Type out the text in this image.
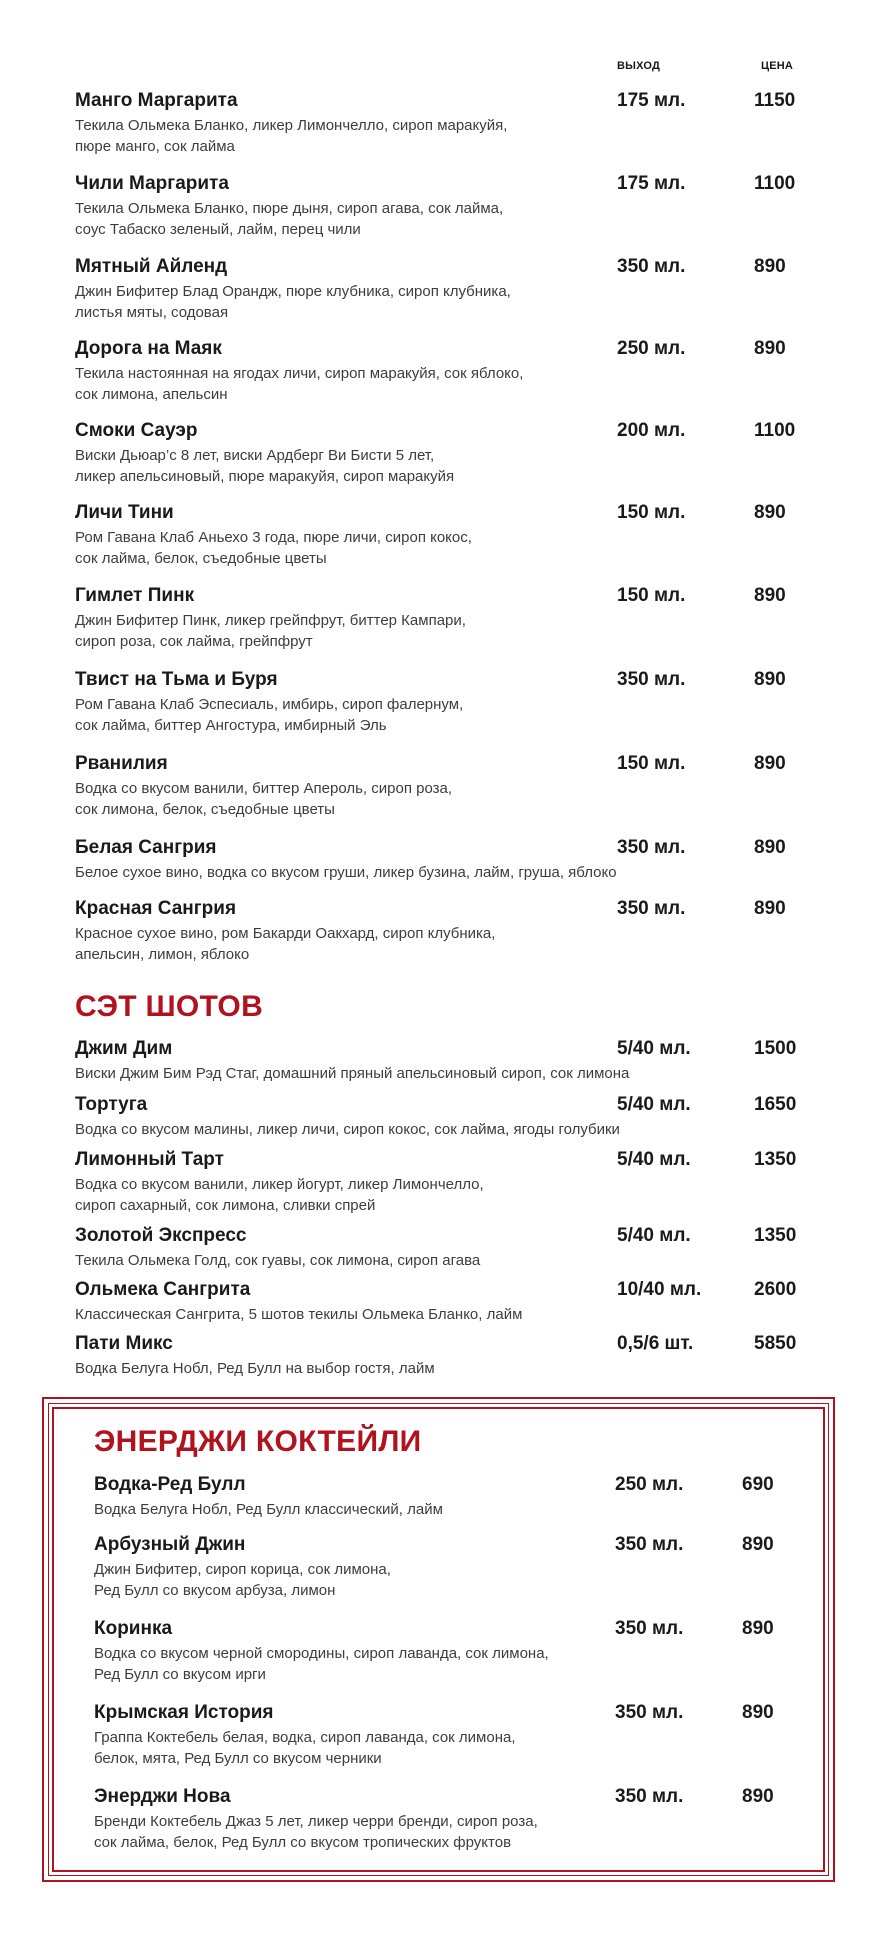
ВЫХОД	ЦЕНА
Манго Маргарита	175 мл.	1150
Текила Ольмека Бланко, ликер Лимончелло, сироп маракуйя,
пюре манго, сок лайма
Чили Маргарита	175 мл.	1100
Текила Ольмека Бланко, пюре дыня, сироп агава, сок лайма,
соус Табаско зеленый, лайм, перец чили
Мятный Айленд	350 мл.	890
Джин Бифитер Блад Орандж, пюре клубника, сироп клубника,
листья мяты, содовая
Дорога на Маяк	250 мл.	890
Текила настоянная на ягодах личи, сироп маракуйя, сок яблоко,
сок лимона, апельсин
Смоки Сауэр	200 мл.	1100
Виски Дьюар’с 8 лет, виски Ардберг Ви Бисти 5 лет,
ликер апельсиновый, пюре маракуйя, сироп маракуйя
Личи Тини	150 мл.	890
Ром Гавана Клаб Аньехо 3 года, пюре личи, сироп кокос,
сок лайма, белок, съедобные цветы
Гимлет Пинк	150 мл.	890
Джин Бифитер Пинк, ликер грейпфрут, биттер Кампари,
сироп роза, сок лайма, грейпфрут
Твист на Тьма и Буря	350 мл.	890
Ром Гавана Клаб Эспесиаль, имбирь, сироп фалернум,
сок лайма, биттер Ангостура, имбирный Эль
Рванилия	150 мл.	890
Водка со вкусом ванили, биттер Апероль, сироп роза,
сок лимона, белок, съедобные цветы
Белая Сангрия	350 мл.	890
Белое сухое вино, водка со вкусом груши, ликер бузина, лайм, груша, яблоко
Красная Сангрия	350 мл.	890
Красное сухое вино, ром Бакарди Оакхард, сироп клубника,
апельсин, лимон, яблоко
СЭТ ШОТОВ
Джим Дим	5/40 мл.	1500
Виски Джим Бим Рэд Стаг, домашний пряный апельсиновый сироп, сок лимона
Тортуга	5/40 мл.	1650
Водка со вкусом малины, ликер личи, сироп кокос, сок лайма, ягоды голубики
Лимонный Тарт	5/40 мл.	1350
Водка со вкусом ванили, ликер йогурт, ликер Лимончелло,
сироп сахарный, сок лимона, сливки спрей
Золотой Экспресс	5/40 мл.	1350
Текила Ольмека Голд, сок гуавы, сок лимона, сироп агава
Ольмека Сангрита	10/40 мл.	2600
Классическая Сангрита, 5 шотов текилы Ольмека Бланко, лайм
Пати Микс	0,5/6 шт.	5850
Водка Белуга Нобл, Ред Булл на выбор гостя, лайм
ЭНЕРДЖИ КОКТЕЙЛИ
Водка-Ред Булл	250 мл.	690
Водка Белуга Нобл, Ред Булл классический, лайм
Арбузный Джин	350 мл.	890
Джин Бифитер, сироп корица, сок лимона,
Ред Булл со вкусом арбуза, лимон
Коринка	350 мл.	890
Водка со вкусом черной смородины, сироп лаванда, сок лимона,
Ред Булл со вкусом ирги
Крымская История	350 мл.	890
Граппа Коктебель белая, водка, сироп лаванда, сок лимона,
белок, мята, Ред Булл со вкусом черники
Энерджи Нова	350 мл.	890
Бренди Коктебель Джаз 5 лет, ликер черри бренди, сироп роза,
сок лайма, белок, Ред Булл со вкусом тропических фруктов
